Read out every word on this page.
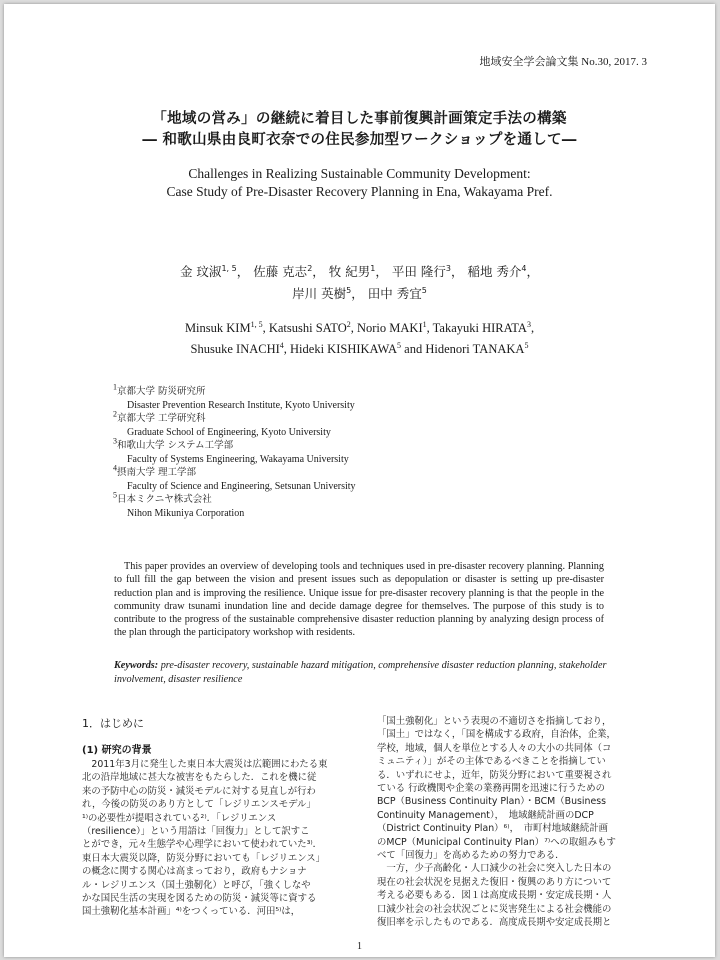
地域安全学会論文集 No.30, 2017. 3
「地域の営み」の継続に着目した事前復興計画策定手法の構築
― 和歌山県由良町衣奈での住民参加型ワークショップを通して―
Challenges in Realizing Sustainable Community Development:
Case Study of Pre-Disaster Recovery Planning in Ena, Wakayama Pref.
金 玟淑$^{1, 5}$， 佐藤 克志$^2$， 牧 紀男$^1$， 平田 隆行$^3$， 稲地 秀介$^4$，
岸川 英樹$^5$， 田中 秀宜$^5$
Minsuk KIM$^{1, 5}$, Katsushi SATO$^2$, Norio MAKI$^1$, Takayuki HIRATA$^3$,
Shusuke INACHI$^4$, Hideki KISHIKAWA$^5$ and Hidenori TANAKA$^5$
$^1$京都大学 防災研究所
Disaster Prevention Research Institute, Kyoto University
$^2$京都大学 工学研究科
Graduate School of Engineering, Kyoto University
$^3$和歌山大学 システム工学部
Faculty of Systems Engineering, Wakayama University
$^4$摂南大学 理工学部
Faculty of Science and Engineering, Setsunan University
$^5$日本ミクニヤ株式会社
Nihon Mikuniya Corporation
This paper provides an overview of developing tools and techniques used in pre-disaster recovery planning. Planning to full fill the gap between the vision and present issues such as depopulation or disaster is setting up pre-disaster reduction plan and is improving the resilience. Unique issue for pre-disaster recovery planning is that the people in the community draw tsunami inundation line and decide damage degree for themselves. The purpose of this study is to contribute to the progress of the sustainable comprehensive disaster reduction planning by analyzing design process of the plan through the participatory workshop with residents.
Keywords: pre-disaster recovery, sustainable hazard mitigation, comprehensive disaster reduction planning, stakeholder involvement, disaster resilience
1．はじめに
(1) 研究の背景
　2011年3月に発生した東日本大震災は広範囲にわたる東
北の沿岸地域に甚大な被害をもたらした．これを機に従
来の予防中心の防災・減災モデルに対する見直しが行わ
れ，今後の防災のあり方として「レジリエンスモデル」
¹⁾の必要性が提唱されている²⁾．「レジリエンス
（resilience）」という用語は「回復力」として訳すこ
とができ，元々生態学や心理学において使われていた³⁾．
東日本大震災以降，防災分野においても「レジリエンス」
の概念に関する関心は高まっており，政府もナショナ
ル・レジリエンス（国土強靭化）と呼び，「強くしなや
かな国民生活の実現を図るための防災・減災等に資する
国土強靭化基本計画」⁴⁾をつくっている．河田⁵⁾は，
「国土強靭化」という表現の不適切さを指摘しており，
「国土」ではなく，「国を構成する政府，自治体，企業，
学校，地域，個人を単位とする人々の大小の共同体（コ
ミュニティ）」がその主体であるべきことを指摘してい
る．いずれにせよ，近年，防災分野において重要視され
ている 行政機関や企業の業務再開を迅速に行うための
BCP（Business Continuity Plan）・BCM（Business
Continuity Management），　地域継続計画のDCP
（District Continuity Plan）⁶⁾，　市町村地域継続計画
のMCP（Municipal Continuity Plan）⁷⁾への取組みもす
べて「回復力」を高めるための努力である．
　一方，少子高齢化・人口減少の社会に突入した日本の
現在の社会状況を見据えた復旧・復興のあり方について
考える必要もある．図１は高度成長期・安定成長期・人
口減少社会の社会状況ごとに災害発生による社会機能の
復旧率を示したものである．高度成長期や安定成長期と
1
